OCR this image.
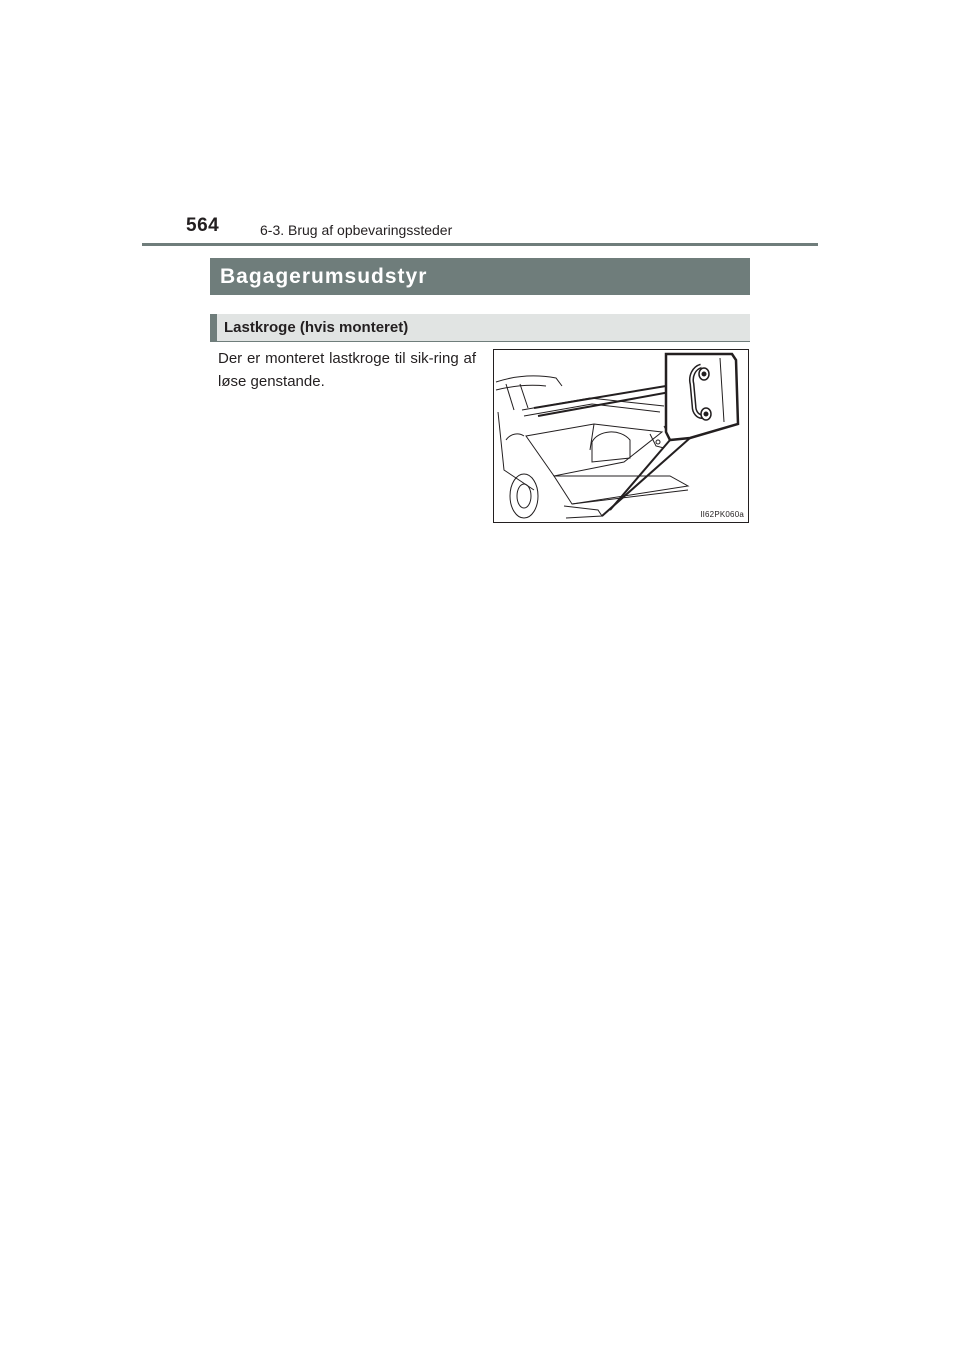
564	6-3. Brug af opbevaringssteder
Bagagerumsudstyr
Lastkroge (hvis monteret)
Der er monteret lastkroge til sik-ring af løse genstande.
II62PK060a
